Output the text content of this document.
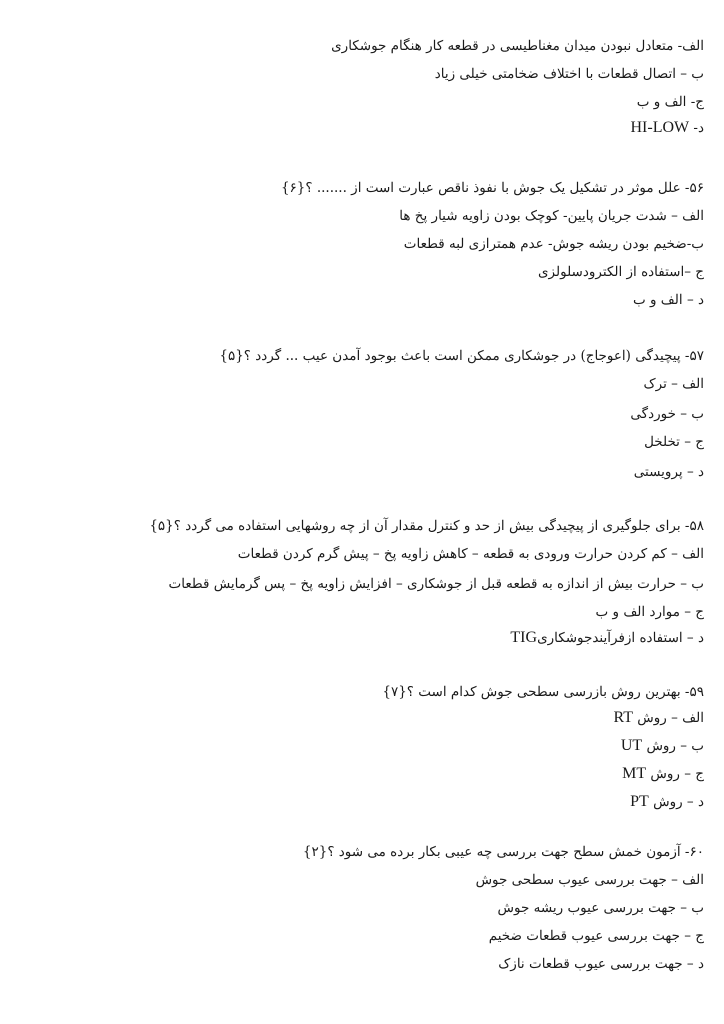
الف- متعادل نبودن میدان مغناطیسی در قطعه کار هنگام جوشکاری
ب – اتصال قطعات با اختلاف ضخامتی خیلی زیاد
ج- الف و ب
د- HI-LOW
۵۶- علل موثر در تشکیل یک جوش با نفوذ ناقص عبارت است از ....... ؟{۶}
الف – شدت جریان پایین- کوچک بودن زاویه شیار پخ ها
ب-ضخیم بودن ریشه جوش- عدم همترازی لبه قطعات
ج –استفاده از الکترودسلولزی
د – الف و ب
۵۷- پیچیدگی (اعوجاج) در جوشکاری ممکن است باعث بوجود آمدن عیب ... گردد ؟{۵}
الف – ترک
ب – خوردگی
ج – تخلخل
د – پرویستی
۵۸- برای جلوگیری از پیچیدگی بیش از حد و کنترل مقدار آن از چه روشهایی استفاده می گردد ؟{۵}
الف – کم کردن حرارت ورودی به قطعه – کاهش زاویه پخ – پیش گرم کردن قطعات
ب – حرارت بیش از اندازه به قطعه قبل از جوشکاری – افزایش زاویه پخ – پس گرمایش قطعات
ج – موارد الف و ب
د – استفاده ازفرآیندجوشکاریTIG
۵۹- بهترین روش بازرسی سطحی جوش کدام است ؟{۷}
الف – روش RT
ب – روش UT
ج – روش MT
د – روش PT
۶۰- آزمون خمش سطح جهت بررسی چه عیبی بکار برده می شود ؟{۲}
الف – جهت بررسی عیوب سطحی جوش
ب – جهت بررسی عیوب ریشه جوش
ج – جهت بررسی عیوب قطعات ضخیم
د – جهت بررسی عیوب قطعات نازک
